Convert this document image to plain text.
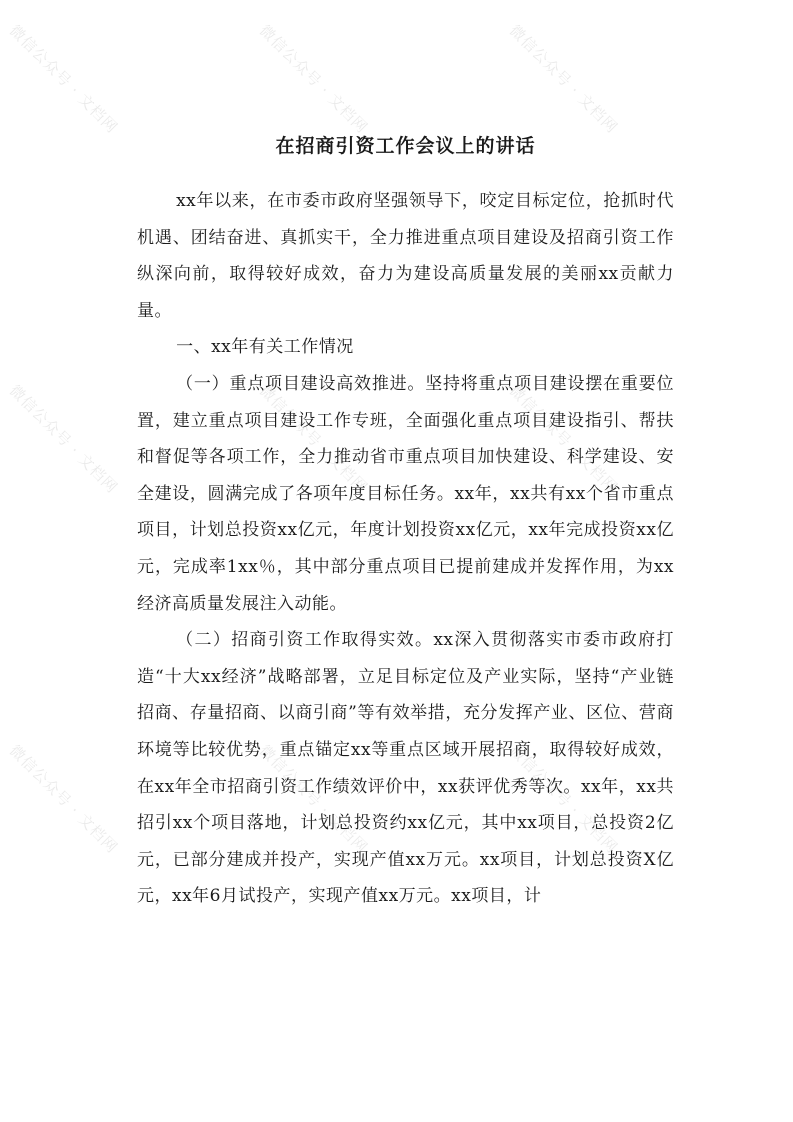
微信公众号 · 文档网	微信公众号 · 文档网	微信公众号 · 文档网
微信公众号 · 文档网	微信公众号 · 文档网	微信公众号 · 文档网
微信公众号 · 文档网	微信公众号 · 文档网	微信公众号 · 文档网
在招商引资工作会议上的讲话

xx年以来，在市委市政府坚强领导下，咬定目标定位，抢抓时代机遇、团结奋进、真抓实干，全力推进重点项目建设及招商引资工作纵深向前，取得较好成效，奋力为建设高质量发展的美丽xx贡献力量。

一、xx年有关工作情况

（一）重点项目建设高效推进。坚持将重点项目建设摆在重要位置，建立重点项目建设工作专班，全面强化重点项目建设指引、帮扶和督促等各项工作，全力推动省市重点项目加快建设、科学建设、安全建设，圆满完成了各项年度目标任务。xx年，xx共有xx个省市重点项目，计划总投资xx亿元，年度计划投资xx亿元，xx年完成投资xx亿元，完成率1xx％，其中部分重点项目已提前建成并发挥作用，为xx经济高质量发展注入动能。

（二）招商引资工作取得实效。xx深入贯彻落实市委市政府打造“十大xx经济”战略部署，立足目标定位及产业实际，坚持“产业链招商、存量招商、以商引商”等有效举措，充分发挥产业、区位、营商环境等比较优势，重点锚定xx等重点区域开展招商，取得较好成效，在xx年全市招商引资工作绩效评价中，xx获评优秀等次。xx年，xx共招引xx个项目落地，计划总投资约xx亿元，其中xx项目，总投资2亿元，已部分建成并投产，实现产值xx万元。xx项目，计划总投资X亿元，xx年6月试投产，实现产值xx万元。xx项目，计
